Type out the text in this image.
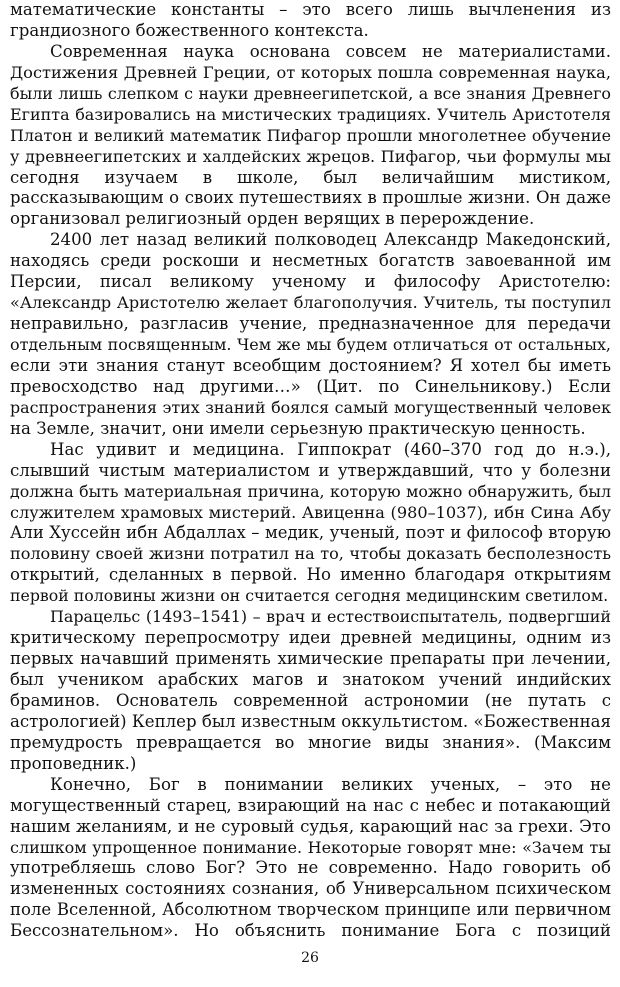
математические константы – это всего лишь вычленения из
грандиозного божественного контекста.
Современная наука основана совсем не материалистами.
Достижения Древней Греции, от которых пошла современная наука,
были лишь слепком с науки древнеегипетской, а все знания Древнего
Египта базировались на мистических традициях. Учитель Аристотеля
Платон и великий математик Пифагор прошли многолетнее обучение
у древнеегипетских и халдейских жрецов. Пифагор, чьи формулы мы
сегодня изучаем в школе, был величайшим мистиком,
рассказывающим о своих путешествиях в прошлые жизни. Он даже
организовал религиозный орден верящих в перерождение.
2400 лет назад великий полководец Александр Македонский,
находясь среди роскоши и несметных богатств завоеванной им
Персии, писал великому ученому и философу Аристотелю:
«Александр Аристотелю желает благополучия. Учитель, ты поступил
неправильно, разгласив учение, предназначенное для передачи
отдельным посвященным. Чем же мы будем отличаться от остальных,
если эти знания станут всеобщим достоянием? Я хотел бы иметь
превосходство над другими…» (Цит. по Синельникову.) Если
распространения этих знаний боялся самый могущественный человек
на Земле, значит, они имели серьезную практическую ценность.
Нас удивит и медицина. Гиппократ (460–370 год до н.э.),
слывший чистым материалистом и утверждавший, что у болезни
должна быть материальная причина, которую можно обнаружить, был
служителем храмовых мистерий. Авиценна (980–1037), ибн Сина Абу
Али Хуссейн ибн Абдаллах – медик, ученый, поэт и философ вторую
половину своей жизни потратил на то, чтобы доказать бесполезность
открытий, сделанных в первой. Но именно благодаря открытиям
первой половины жизни он считается сегодня медицинским светилом.
Парацельс (1493–1541) – врач и естествоиспытатель, подвергший
критическому перепросмотру идеи древней медицины, одним из
первых начавший применять химические препараты при лечении,
был учеником арабских магов и знатоком учений индийских
браминов. Основатель современной астрономии (не путать с
астрологией) Кеплер был известным оккультистом. «Божественная
премудрость превращается во многие виды знания». (Максим
проповедник.)
Конечно, Бог в понимании великих ученых, – это не
могущественный старец, взирающий на нас с небес и потакающий
нашим желаниям, и не суровый судья, карающий нас за грехи. Это
слишком упрощенное понимание. Некоторые говорят мне: «Зачем ты
употребляешь слово Бог? Это не современно. Надо говорить об
измененных состояниях сознания, об Универсальном психическом
поле Вселенной, Абсолютном творческом принципе или первичном
Бессознательном». Но объяснить понимание Бога с позиций
26
